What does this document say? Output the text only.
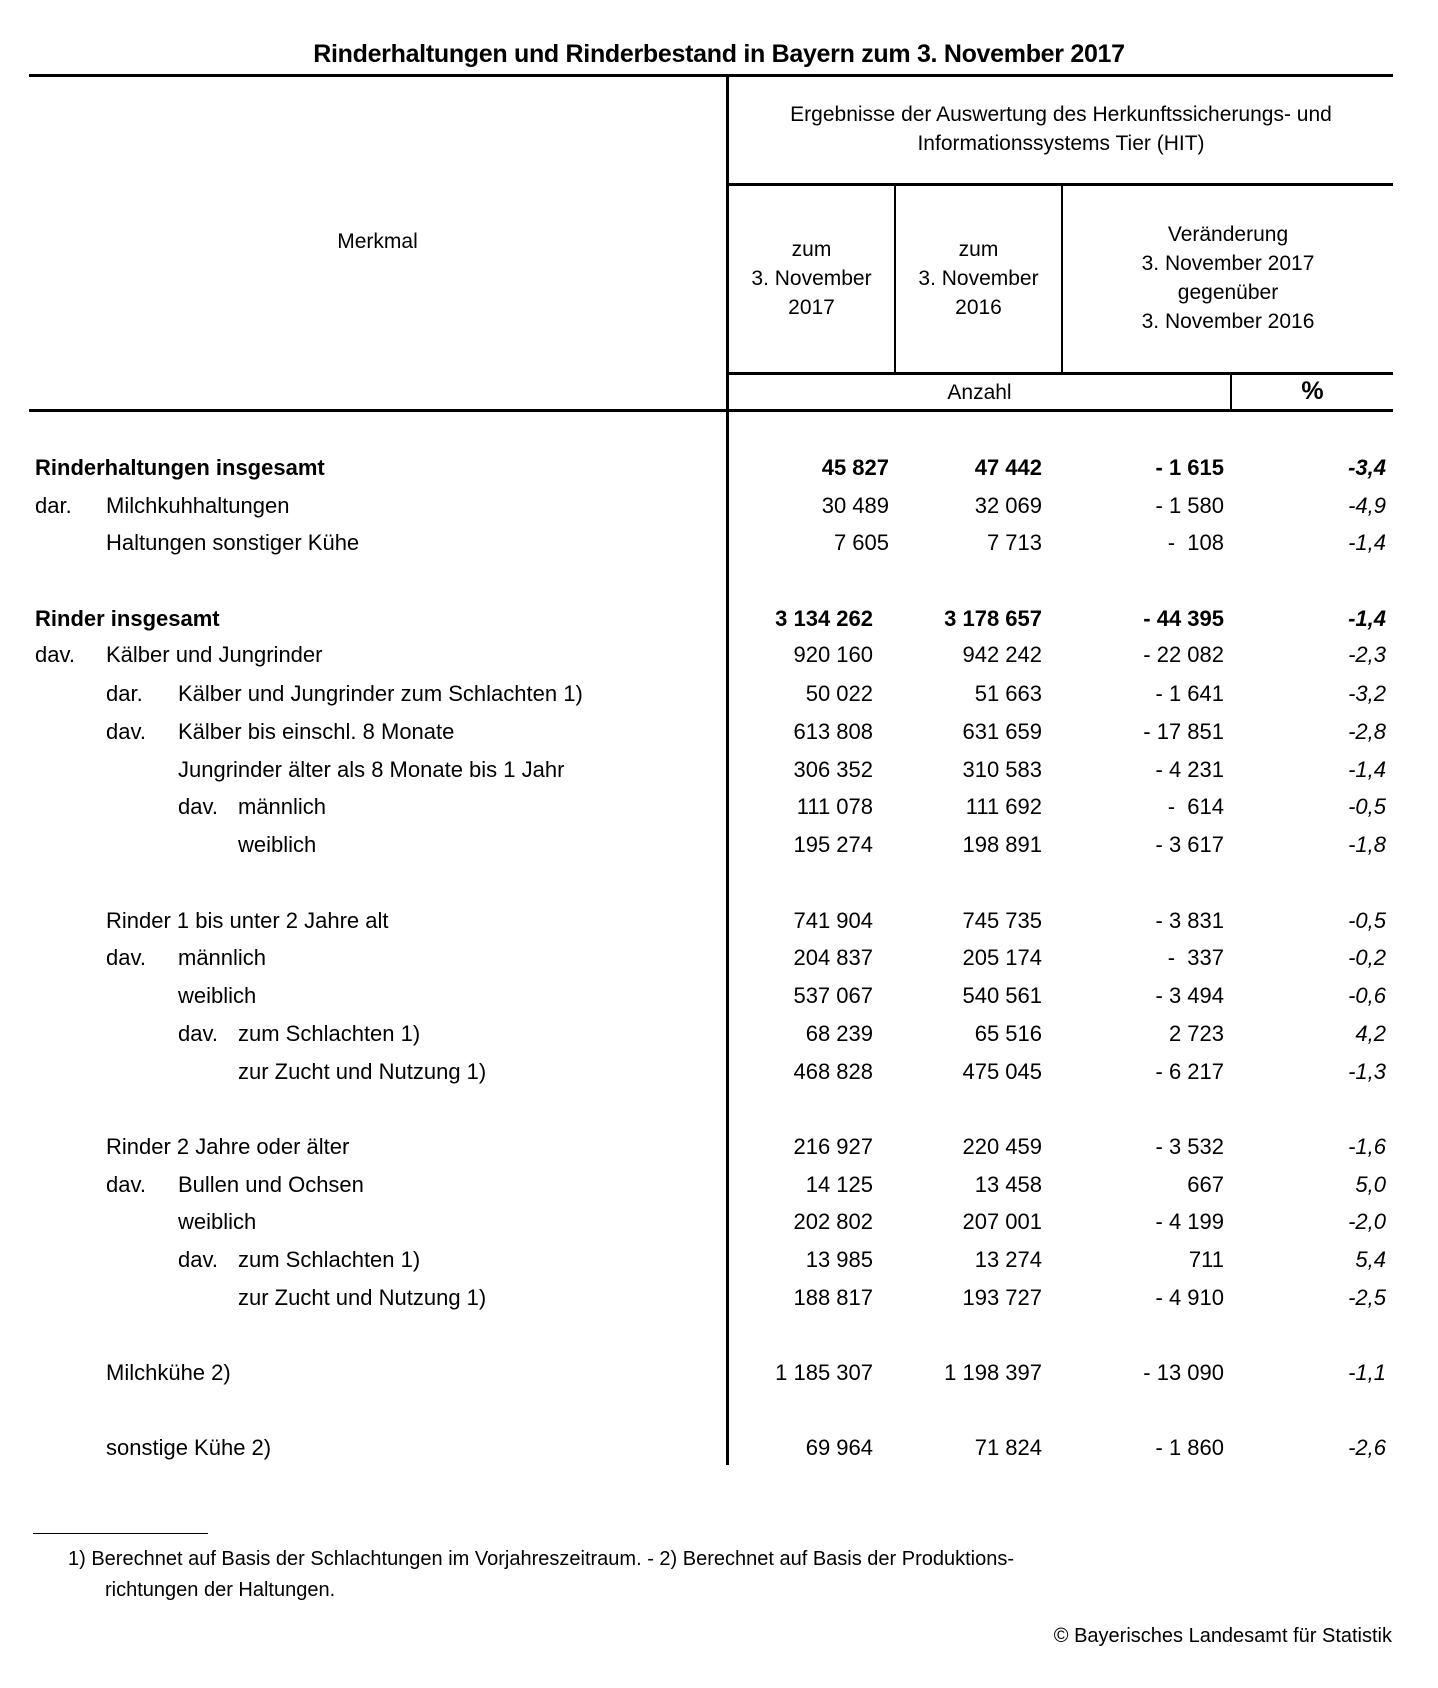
Rinderhaltungen und Rinderbestand in Bayern zum 3. November 2017
Merkmal
Ergebnisse der Auswertung des Herkunftssicherungs- und
Informationssystems Tier (HIT)
zum
3. November
2017
zum
3. November
2016
Veränderung
3. November 2017
gegenüber
3. November 2016
Anzahl	%
Rinderhaltungen insgesamt	45 827	47 442	- 1 615	-3,4
dar. Milchkuhhaltungen	30 489	32 069	- 1 580	-4,9
Haltungen sonstiger Kühe	7 605	7 713	-  108	-1,4
Rinder insgesamt	3 134 262	3 178 657	- 44 395	-1,4
dav. Kälber und Jungrinder	920 160	942 242	- 22 082	-2,3
dar. Kälber und Jungrinder zum Schlachten 1)	50 022	51 663	- 1 641	-3,2
dav. Kälber bis einschl. 8 Monate	613 808	631 659	- 17 851	-2,8
Jungrinder älter als 8 Monate bis 1 Jahr	306 352	310 583	- 4 231	-1,4
dav. männlich	111 078	111 692	-  614	-0,5
weiblich	195 274	198 891	- 3 617	-1,8
Rinder 1 bis unter 2 Jahre alt	741 904	745 735	- 3 831	-0,5
dav. männlich	204 837	205 174	-  337	-0,2
weiblich	537 067	540 561	- 3 494	-0,6
dav. zum Schlachten 1)	68 239	65 516	2 723	4,2
zur Zucht und Nutzung 1)	468 828	475 045	- 6 217	-1,3
Rinder 2 Jahre oder älter	216 927	220 459	- 3 532	-1,6
dav. Bullen und Ochsen	14 125	13 458	667	5,0
weiblich	202 802	207 001	- 4 199	-2,0
dav. zum Schlachten 1)	13 985	13 274	711	5,4
zur Zucht und Nutzung 1)	188 817	193 727	- 4 910	-2,5
Milchkühe 2)	1 185 307	1 198 397	- 13 090	-1,1
sonstige Kühe 2)	69 964	71 824	- 1 860	-2,6
1) Berechnet auf Basis der Schlachtungen im Vorjahreszeitraum. - 2) Berechnet auf Basis der Produktions-
richtungen der Haltungen.
© Bayerisches Landesamt für Statistik
